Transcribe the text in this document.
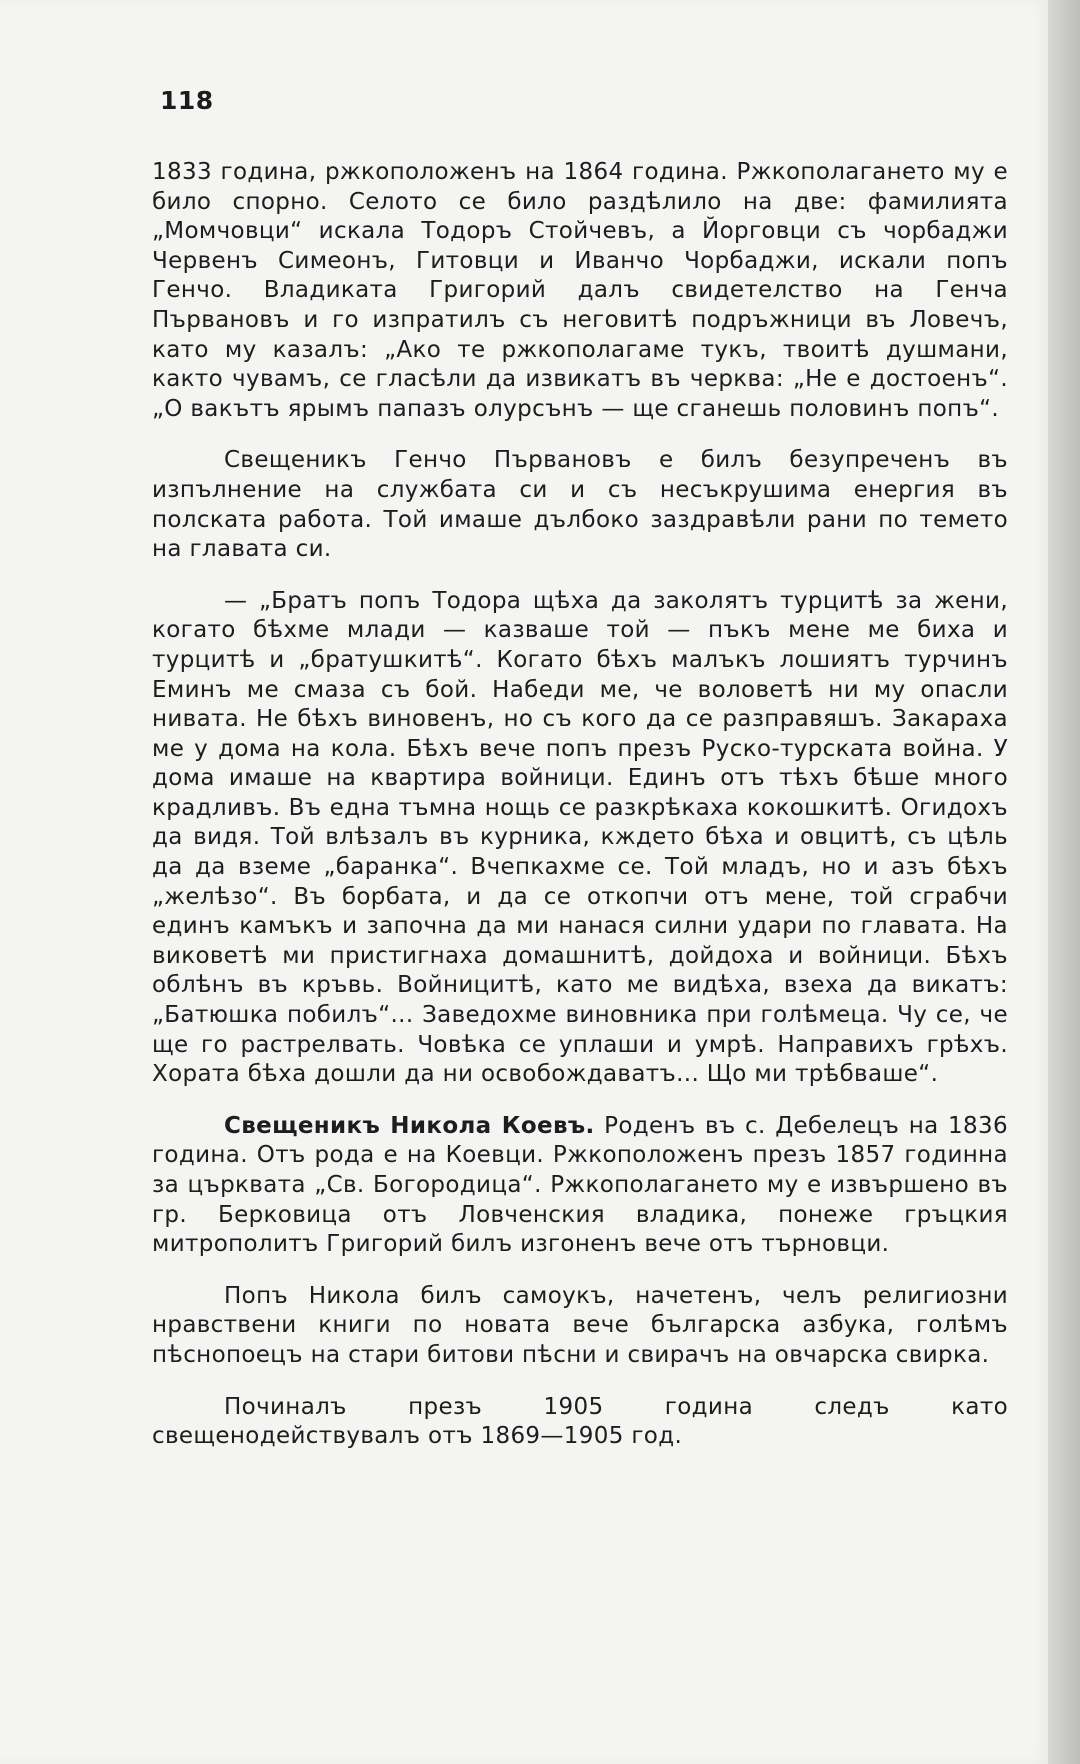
118

1833 година, ржкоположенъ на 1864 година. Ржкополагането му е било спорно. Селото се било раздѣлило на две: фамилията „Момчовци“ искала Тодоръ Стойчевъ, а Йорговци съ чорбаджи Червенъ Симеонъ, Гитовци и Иванчо Чорбаджи, искали попъ Генчо. Владиката Григорий далъ свидетелство на Генча Първановъ и го изпратилъ съ неговитѣ подръжници въ Ловечъ, като му казалъ: „Ако те ржкополагаме тукъ, твоитѣ душмани, както чувамъ, се гласѣли да извикатъ въ черква: „Не е достоенъ“. „О вакътъ ярымъ папазъ олурсънъ — ще сганешь половинъ попъ“.

Свещеникъ Генчо Първановъ е билъ безупреченъ въ изпълнение на службата си и съ несъкрушима енергия въ полската работа. Той имаше дълбоко заздравѣли рани по темето на главата си.

— „Братъ попъ Тодора щѣха да заколятъ турцитѣ за жени, когато бѣхме млади — казваше той — пъкъ мене ме биха и турцитѣ и „братушкитѣ“. Когато бѣхъ малъкъ лошиятъ турчинъ Еминъ ме смаза съ бой. Набеди ме, че воловетѣ ни му опасли нивата. Не бѣхъ виновенъ, но съ кого да се разправяшъ. Закараха ме у дома на кола. Бѣхъ вече попъ презъ Руско-турската война. У дома имаше на квартира войници. Единъ отъ тѣхъ бѣше много крадливъ. Въ една тъмна нощь се разкрѣкаха кокошкитѣ. Огидохъ да видя. Той влѣзалъ въ курника, кждето бѣха и овцитѣ, съ цѣль да да вземе „баранка“. Вчепкахме се. Той младъ, но и азъ бѣхъ „желѣзо“. Въ борбата, и да се откопчи отъ мене, той сграбчи единъ камъкъ и започна да ми нанася силни удари по главата. На виковетѣ ми пристигнаха домашнитѣ, дойдоха и войници. Бѣхъ облѣнъ въ кръвь. Войницитѣ, като ме видѣха, взеха да викатъ: „Батюшка побилъ“... Заведохме виновника при голѣмеца. Чу се, че ще го растрелвать. Човѣка се уплаши и умрѣ. Направихъ грѣхъ. Хората бѣха дошли да ни освобождаватъ... Що ми трѣбваше“.

Свещеникъ Никола Коевъ. Роденъ въ с. Дебелецъ на 1836 година. Отъ рода е на Коевци. Ржкоположенъ презъ 1857 годинна за църквата „Св. Богородица“. Ржкополагането му е извършено въ гр. Берковица отъ Ловченския владика, понеже гръцкия митрополитъ Григорий билъ изгоненъ вече отъ търновци.

Попъ Никола билъ самоукъ, начетенъ, челъ религиозни нравствени книги по новата вече българска азбука, голѣмъ пѣснопоецъ на стари битови пѣсни и свирачъ на овчарска свирка.

Починалъ презъ 1905 година следъ като свещенодействувалъ отъ 1869—1905 год.
